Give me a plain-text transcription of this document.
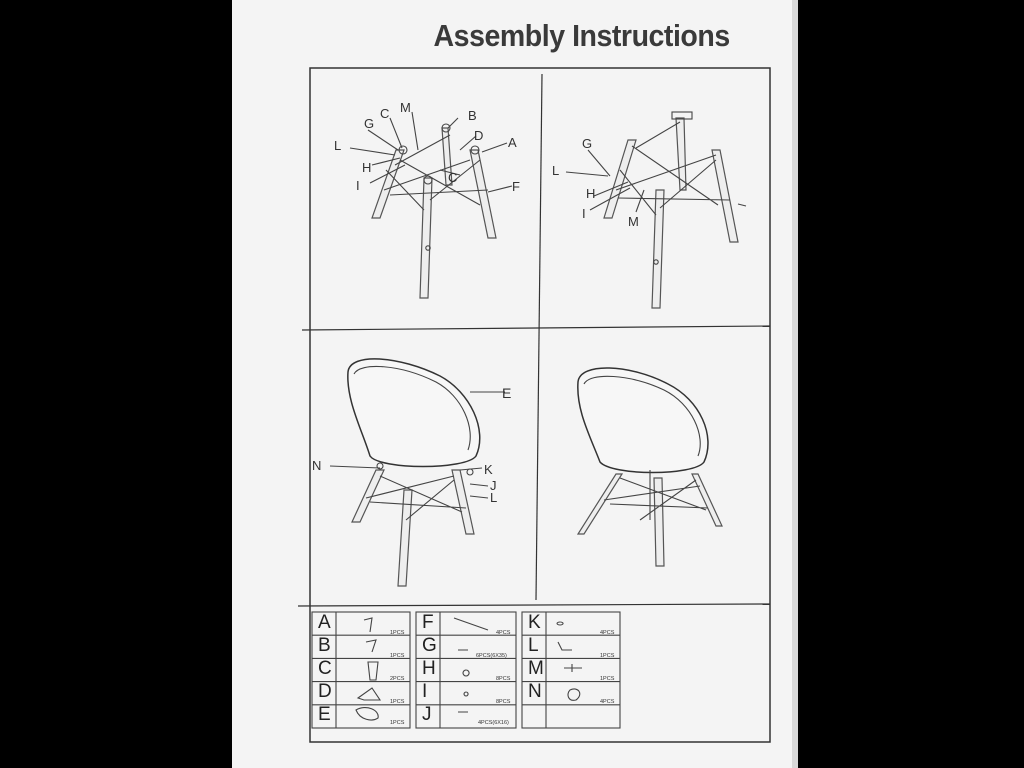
Assembly Instructions
M
B
G
C
D A
L
H
C
I	F
G
L
H
I
M
E
N	K
J
L
A
B
C
D
E
1PCS
1PCS
2PCS
1PCS
1PCS
F
G
H
I
J
4PCS
6PCS(6X35)
8PCS
8PCS
4PCS(6X16)
K
L
M
N
4PCS
1PCS
1PCS
4PCS
